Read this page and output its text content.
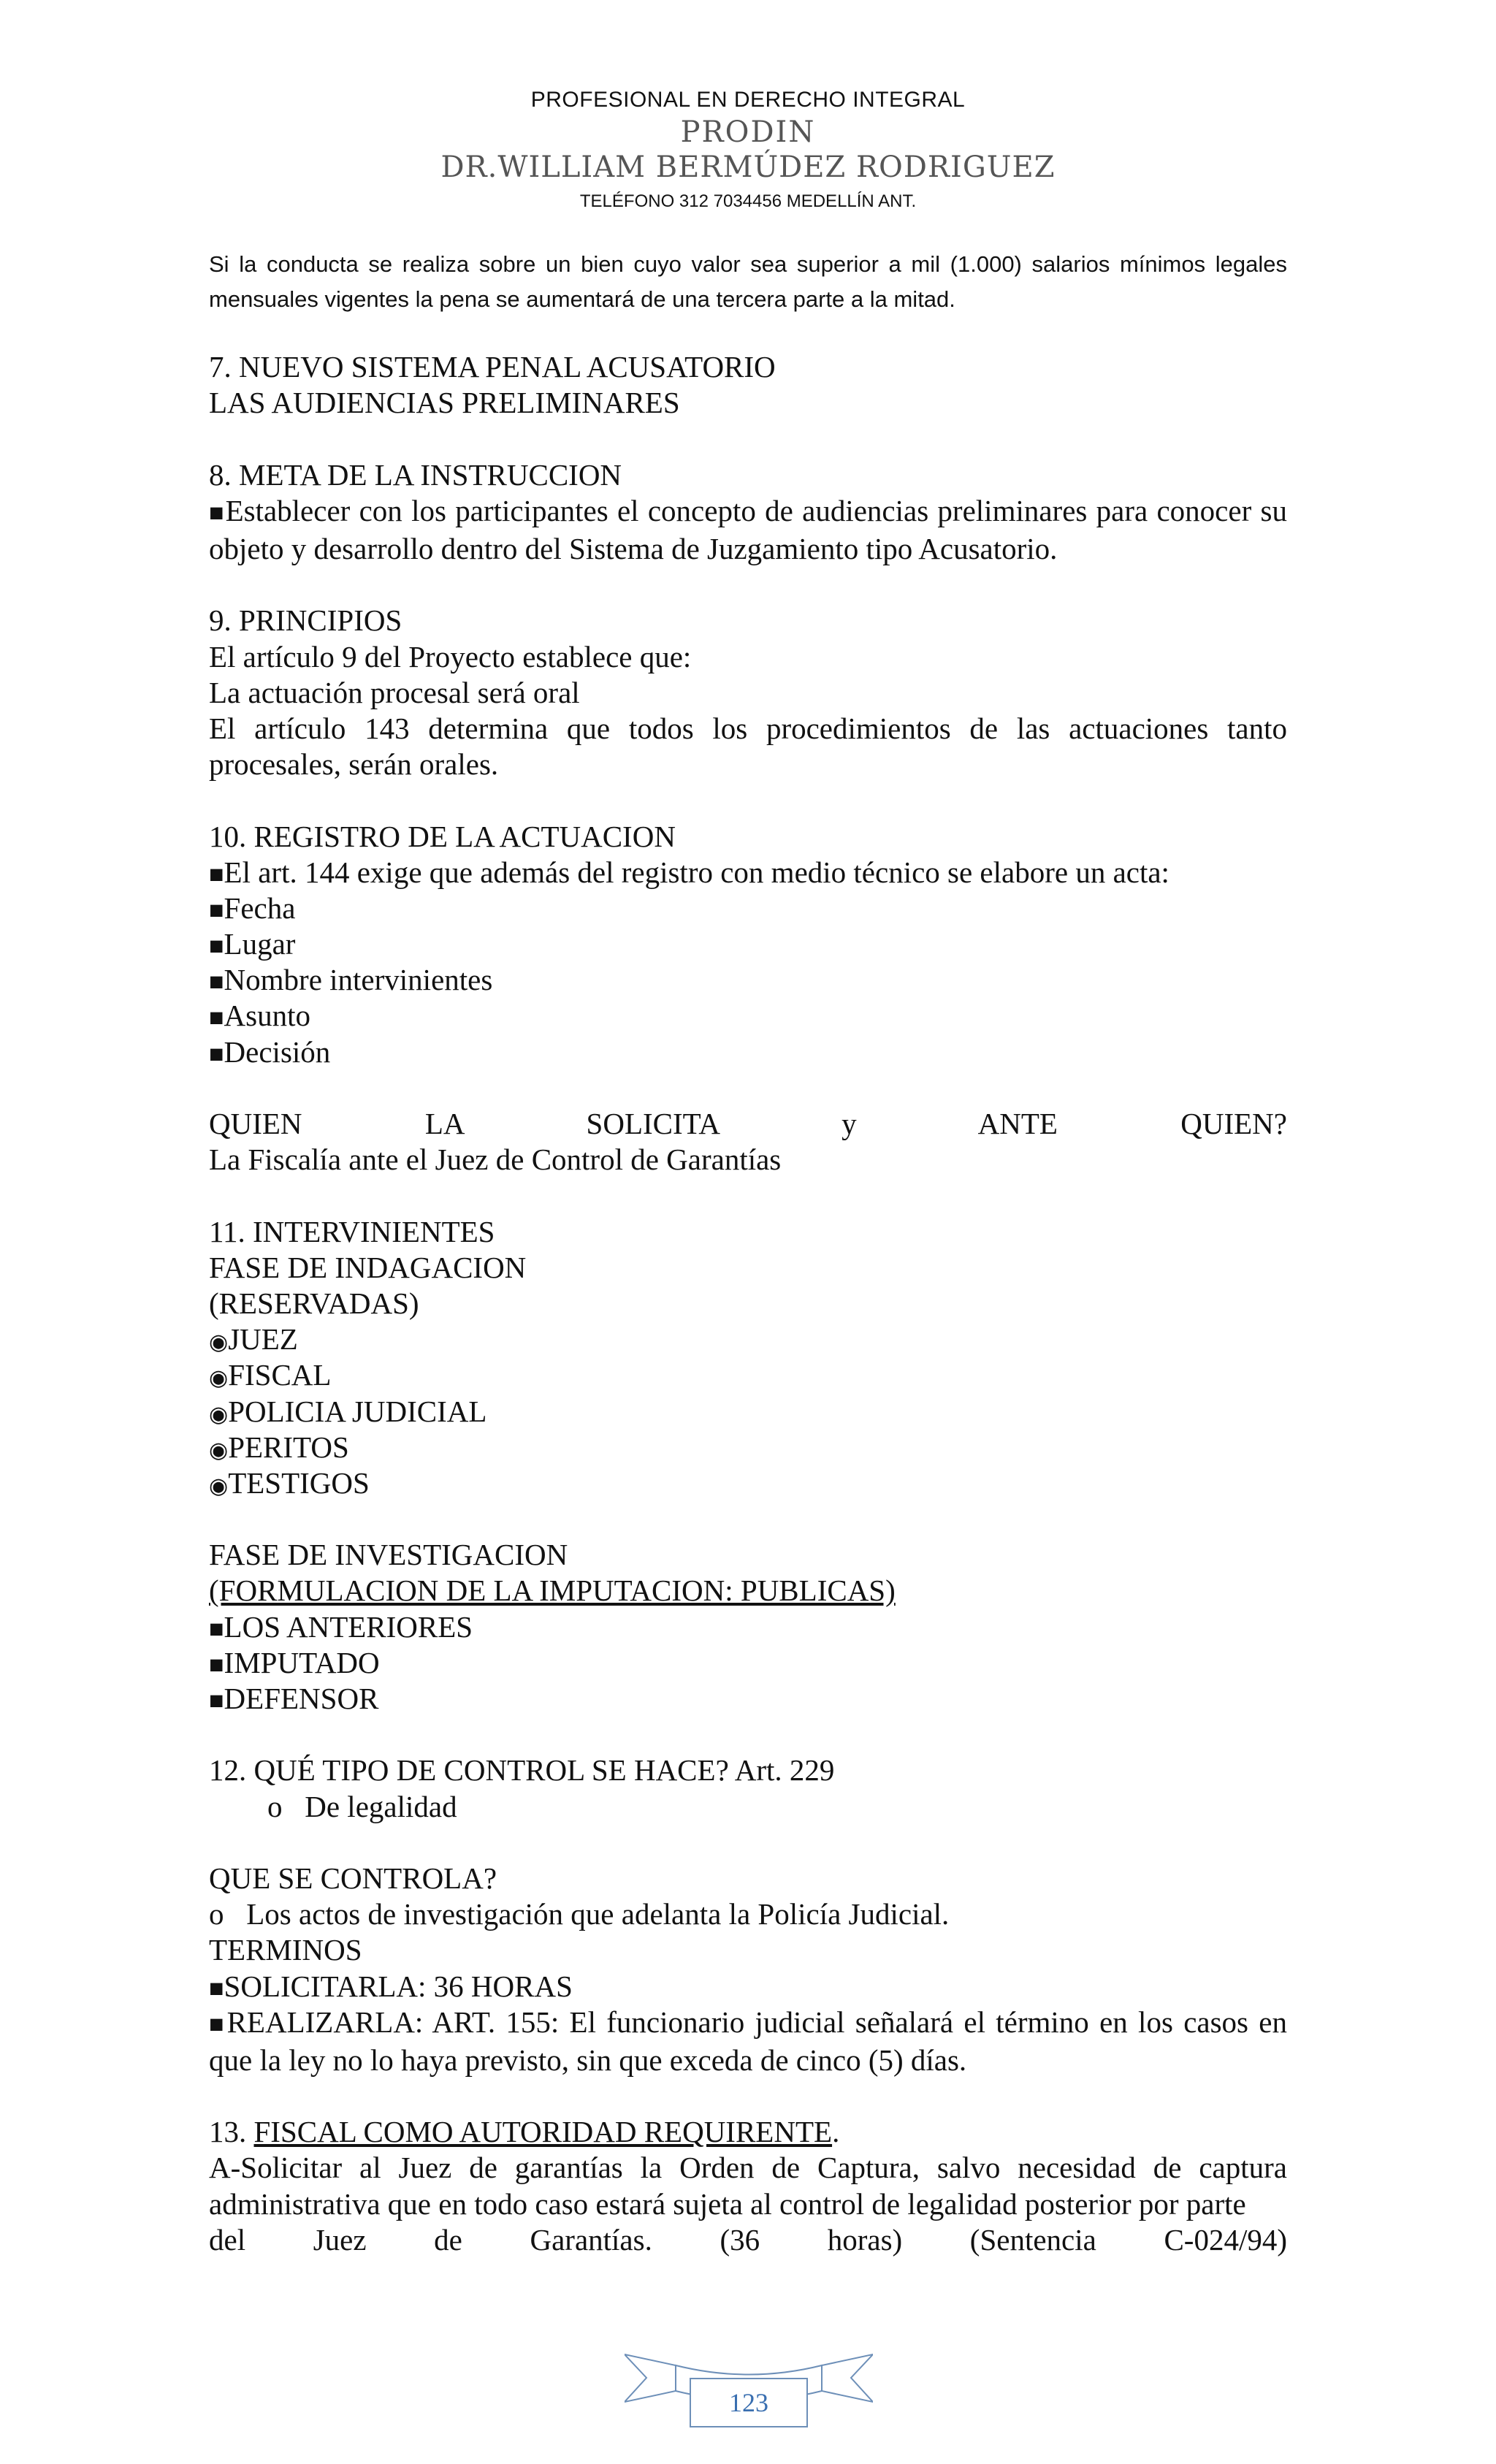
PROFESIONAL EN DERECHO INTEGRAL
PRODIN
DR.WILLIAM BERMÚDEZ RODRIGUEZ
TELÉFONO 312 7034456 MEDELLÍN ANT.
Si la conducta se realiza sobre un bien cuyo valor sea superior a mil (1.000) salarios mínimos legales mensuales vigentes la pena se aumentará de una tercera parte a la mitad.
7. NUEVO SISTEMA PENAL ACUSATORIO
LAS AUDIENCIAS PRELIMINARES
8. META DE LA INSTRUCCION
■Establecer con los participantes el concepto de audiencias preliminares para conocer su objeto y desarrollo dentro del Sistema de Juzgamiento tipo Acusatorio.
9. PRINCIPIOS
El artículo 9 del Proyecto establece que:
La actuación procesal será oral
El artículo 143 determina que todos los procedimientos de las actuaciones tanto procesales, serán orales.
10. REGISTRO DE LA ACTUACION
■El art. 144 exige que además del registro con medio técnico se elabore un acta:
■Fecha
■Lugar
■Nombre intervinientes
■Asunto
■Decisión
QUIEN LA SOLICITA y ANTE QUIEN?
La Fiscalía ante el Juez de Control de Garantías
11. INTERVINIENTES
FASE DE INDAGACION
(RESERVADAS)
◉JUEZ
◉FISCAL
◉POLICIA JUDICIAL
◉PERITOS
◉TESTIGOS
FASE DE INVESTIGACION
(FORMULACION DE LA IMPUTACION: PUBLICAS)
■LOS ANTERIORES
■IMPUTADO
■DEFENSOR
12. QUÉ TIPO DE CONTROL SE HACE? Art. 229
o De legalidad
QUE SE CONTROLA?
o Los actos de investigación que adelanta la Policía Judicial.
TERMINOS
■SOLICITARLA: 36 HORAS
■REALIZARLA: ART. 155: El funcionario judicial señalará el término en los casos en que la ley no lo haya previsto, sin que exceda de cinco (5) días.
13. FISCAL COMO AUTORIDAD REQUIRENTE.
A-Solicitar al Juez de garantías la Orden de Captura, salvo necesidad de captura administrativa que en todo caso estará sujeta al control de legalidad posterior por parte
del Juez de Garantías. (36 horas) (Sentencia C-024/94)
123
